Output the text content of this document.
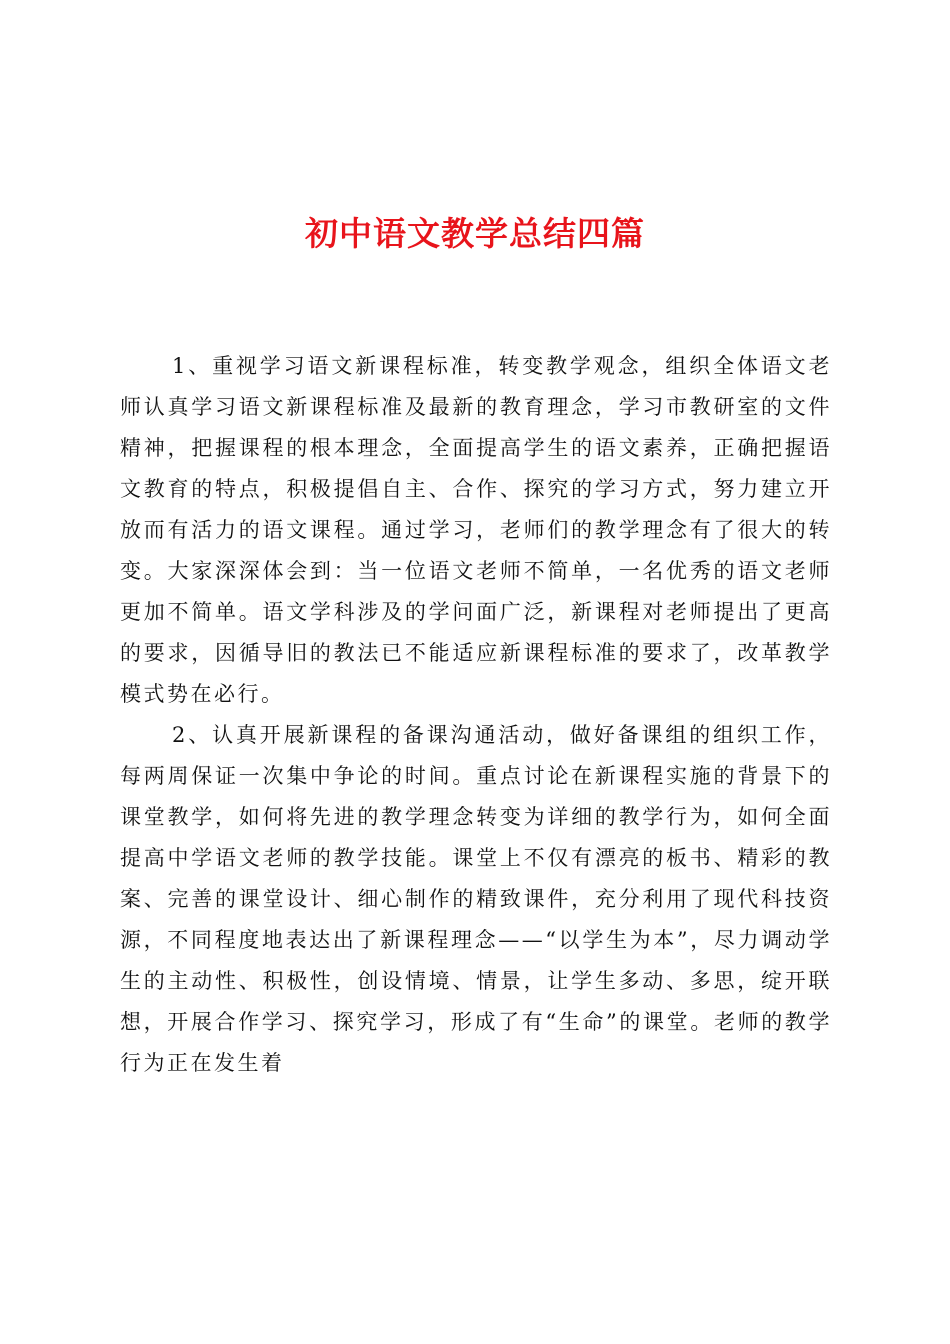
初中语文教学总结四篇

1、重视学习语文新课程标准，转变教学观念，组织全体语文老师认真学习语文新课程标准及最新的教育理念，学习市教研室的文件精神，把握课程的根本理念，全面提高学生的语文素养，正确把握语文教育的特点，积极提倡自主、合作、探究的学习方式，努力建立开放而有活力的语文课程。通过学习，老师们的教学理念有了很大的转变。大家深深体会到：当一位语文老师不简单，一名优秀的语文老师更加不简单。语文学科涉及的学问面广泛，新课程对老师提出了更高的要求，因循导旧的教法已不能适应新课程标准的要求了，改革教学模式势在必行。

2、认真开展新课程的备课沟通活动，做好备课组的组织工作，每两周保证一次集中争论的时间。重点讨论在新课程实施的背景下的课堂教学，如何将先进的教学理念转变为详细的教学行为，如何全面提高中学语文老师的教学技能。课堂上不仅有漂亮的板书、精彩的教案、完善的课堂设计、细心制作的精致课件，充分利用了现代科技资源，不同程度地表达出了新课程理念——“以学生为本”，尽力调动学生的主动性、积极性，创设情境、情景，让学生多动、多思，绽开联想，开展合作学习、探究学习，形成了有“生命”的课堂。老师的教学行为正在发生着
